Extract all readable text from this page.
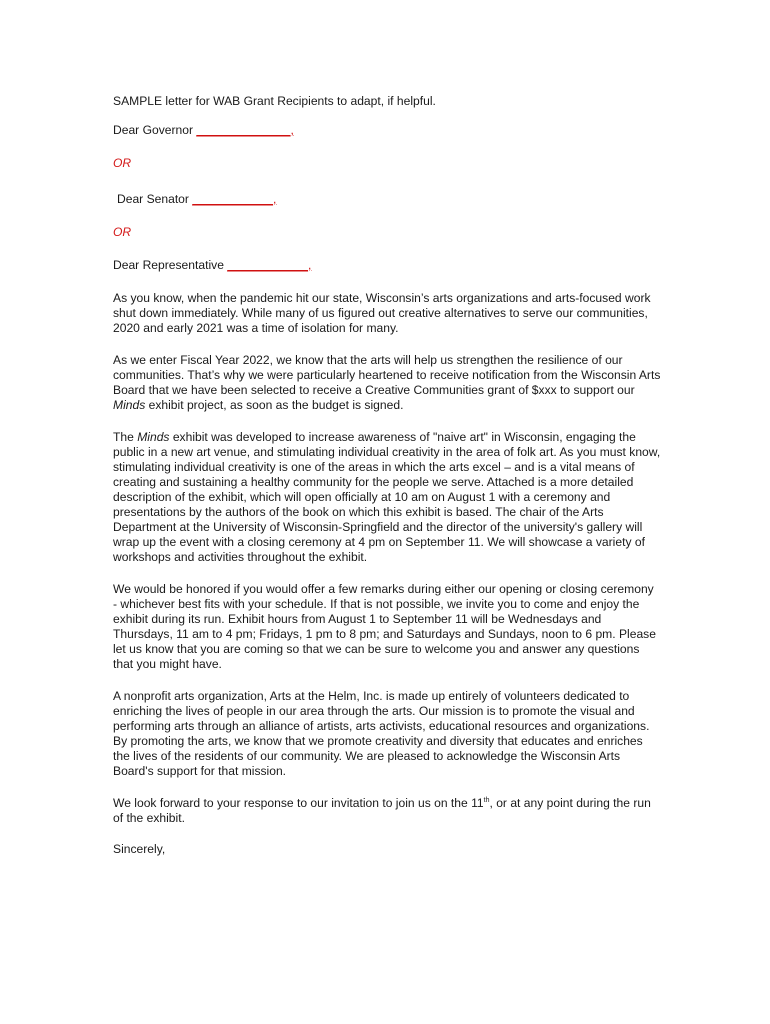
SAMPLE letter for WAB Grant Recipients to adapt, if helpful.

Dear Governor ______________,

OR

Dear Senator ____________,

OR

Dear Representative ____________,

As you know, when the pandemic hit our state, Wisconsin’s arts organizations and arts-focused work shut down immediately. While many of us figured out creative alternatives to serve our communities, 2020 and early 2021 was a time of isolation for many.

As we enter Fiscal Year 2022, we know that the arts will help us strengthen the resilience of our communities. That’s why we were particularly heartened to receive notification from the Wisconsin Arts Board that we have been selected to receive a Creative Communities grant of $xxx to support our Minds exhibit project, as soon as the budget is signed.

The Minds exhibit was developed to increase awareness of "naive art" in Wisconsin, engaging the public in a new art venue, and stimulating individual creativity in the area of folk art. As you must know, stimulating individual creativity is one of the areas in which the arts excel – and is a vital means of creating and sustaining a healthy community for the people we serve. Attached is a more detailed description of the exhibit, which will open officially at 10 am on August 1 with a ceremony and presentations by the authors of the book on which this exhibit is based. The chair of the Arts Department at the University of Wisconsin-Springfield and the director of the university's gallery will wrap up the event with a closing ceremony at 4 pm on September 11. We will showcase a variety of workshops and activities throughout the exhibit.

We would be honored if you would offer a few remarks during either our opening or closing ceremony - whichever best fits with your schedule. If that is not possible, we invite you to come and enjoy the exhibit during its run. Exhibit hours from August 1 to September 11 will be Wednesdays and Thursdays, 11 am to 4 pm; Fridays, 1 pm to 8 pm; and Saturdays and Sundays, noon to 6 pm. Please let us know that you are coming so that we can be sure to welcome you and answer any questions that you might have.

A nonprofit arts organization, Arts at the Helm, Inc. is made up entirely of volunteers dedicated to enriching the lives of people in our area through the arts. Our mission is to promote the visual and performing arts through an alliance of artists, arts activists, educational resources and organizations. By promoting the arts, we know that we promote creativity and diversity that educates and enriches the lives of the residents of our community. We are pleased to acknowledge the Wisconsin Arts Board's support for that mission.

We look forward to your response to our invitation to join us on the 11th, or at any point during the run of the exhibit.

Sincerely,
